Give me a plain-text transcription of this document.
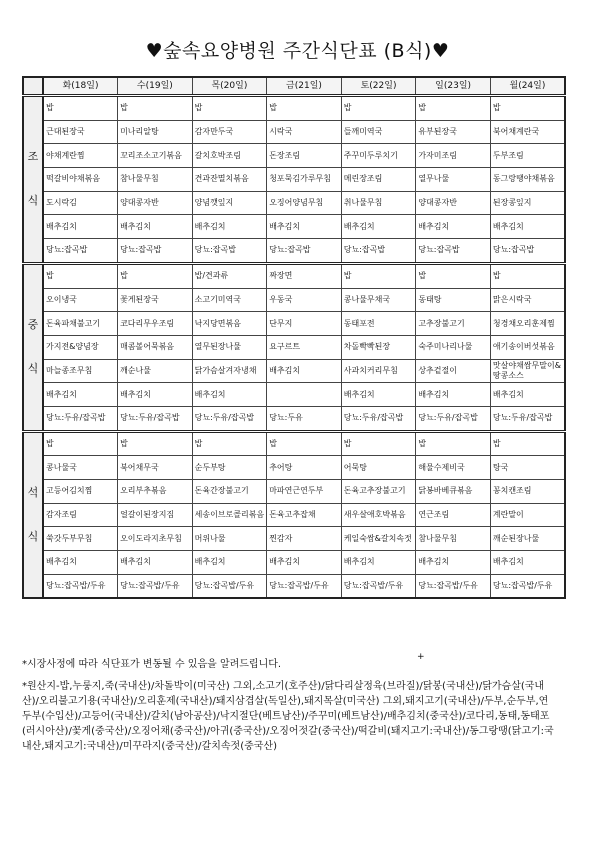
♥숲속요양병원 주간식단표 (B식)♥
	화(18일)	수(19일)	목(20일)	금(21일)	토(22일)	일(23일)	월(24일)
조

식	밥	밥	밥	밥	밥	밥	밥
	근대된장국	미나리알탕	감자만두국	시락국	들깨미역국	유부된장국	북어채계란국
	야채계란찜	꼬리조소고기볶음	갈치호박조림	돈장조림	주꾸미두루치기	가자미조림	두부조림
	떡갈비야채볶음	참나물무침	견과잔멸치볶음	청포묵김가루무침	메린장조림	열무나물	동그랑땡야채볶음
	도시락김	양대콩자반	양념깻잎지	오징어양념무침	취나물무침	양대콩자반	된장콩잎지
	배추김치	배추김치	배추김치	배추김치	배추김치	배추김치	배추김치
	당뇨:잡곡밥	당뇨:잡곡밥	당뇨:잡곡밥	당뇨:잡곡밥	당뇨:잡곡밥	당뇨:잡곡밥	당뇨:잡곡밥
중

식	밥	밥	밥/견과류	짜장면	밥	밥	밥
	오이냉국	꽃게된장국	소고기미역국	우동국	콩나물무채국	동태탕	맑은시락국
	돈육파채불고기	코다리무우조림	낙지당면볶음	단무지	동태포전	고추장불고기	청경채오리훈제찜
	가지전&양념장	매콤볼어묵볶음	열무된장나물	요구르트	차돌빡빡된장	숙주미나리나물	애기송이버섯볶음
	마늘종조무침	깨순나물	닭가슴살겨자냉채	배추김치	사과치커리무침	상추겉절이	맛살야채쌈무말이&땅콩소스
	배추김치	배추김치	배추김치		배추김치	배추김치	배추김치
	당뇨:두유/잡곡밥	당뇨:두유/잡곡밥	당뇨:두유/잡곡밥	당뇨:두유	당뇨:두유/잡곡밥	당뇨:두유/잡곡밥	당뇨:두유/잡곡밥
석

식	밥	밥	밥	밥	밥	밥	밥
	콩나물국	북어채무국	순두부탕	추어탕	어묵탕	해물수제비국	탕국
	고등어김치찜	오리부추볶음	돈육간장불고기	마파연근연두부	돈육고추장불고기	닭봉바베큐볶음	꽁치캔조림
	감자조림	얼갈이된장지짐	세송이브로콜리볶음	돈육고추잡채	새우살애호박볶음	연근조림	계란말이
	쑥갓두부무침	오이도라지초무침	머위나물	찐감자	케일숙쌈&갈치속젓	참나물무침	깨순된장나물
	배추김치	배추김치	배추김치	배추김치	배추김치	배추김치	배추김치
	당뇨:잡곡밥/두유	당뇨:잡곡밥/두유	당뇨:잡곡밥/두유	당뇨:잡곡밥/두유	당뇨:잡곡밥/두유	당뇨:잡곡밥/두유	당뇨:잡곡밥/두유
+

*시장사정에 따라 식단표가 변동될 수 있음을 알려드립니다.

*원산지-밥,누룽지,죽(국내산)/차돌박이(미국산) 그외,소고기(호주산)/닭다리살정육(브라질)/닭봉(국내산)/닭가슴살(국내산)/오리불고기용(국내산)/오리훈제(국내산)/돼지삼겹살(독일산),돼지목살(미국산) 그외,돼지고기(국내산)/두부,순두부,연두부(수입산)/고등어(국내산)/갈치(남아공산)/낙지절단(베트남산)/주꾸미(베트남산)/배추김치(중국산)/코다리,동태,동태포(러시아산)/꽃게(중국산)/오징어채(중국산)/아귀(중국산)/오징어젓갈(중국산)/떡갈비(돼지고기:국내산)/동그랑땡(닭고기:국내산,돼지고기:국내산)/미꾸라지(중국산)/갈치속젓(중국산)
